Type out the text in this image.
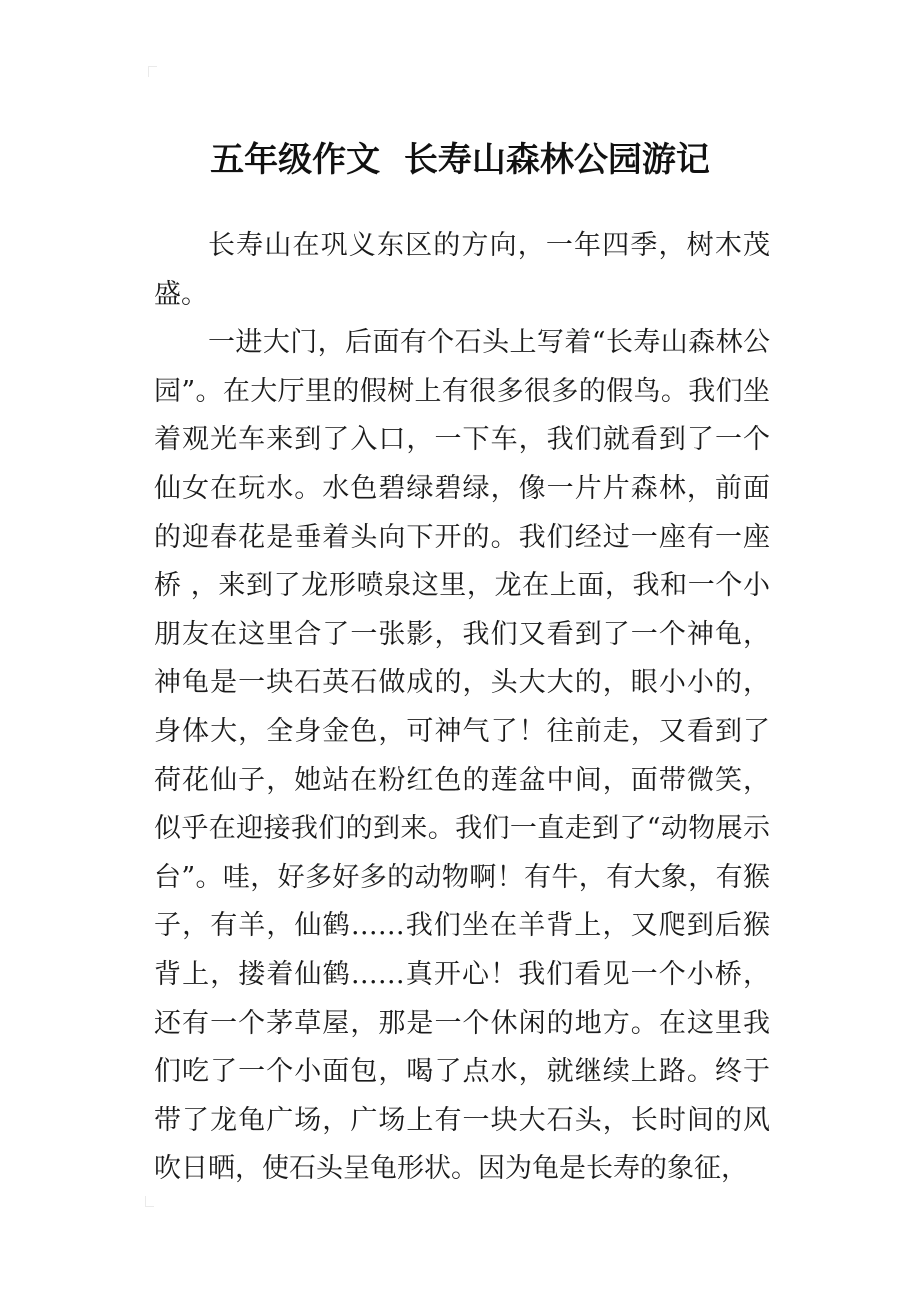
五年级作文  长寿山森林公园游记

长寿山在巩义东区的方向，一年四季，树木茂盛。

一进大门，后面有个石头上写着“长寿山森林公园”。在大厅里的假树上有很多很多的假鸟。我们坐着观光车来到了入口，一下车，我们就看到了一个仙女在玩水。水色碧绿碧绿，像一片片森林，前面的迎春花是垂着头向下开的。我们经过一座有一座桥 ，来到了龙形喷泉这里，龙在上面，我和一个小朋友在这里合了一张影，我们又看到了一个神龟，神龟是一块石英石做成的，头大大的，眼小小的，身体大，全身金色，可神气了！往前走，又看到了荷花仙子，她站在粉红色的莲盆中间，面带微笑，似乎在迎接我们的到来。我们一直走到了“动物展示台”。哇，好多好多的动物啊！有牛，有大象，有猴子，有羊，仙鹤……我们坐在羊背上，又爬到后猴背上，搂着仙鹤……真开心！我们看见一个小桥，还有一个茅草屋，那是一个休闲的地方。在这里我们吃了一个小面包，喝了点水，就继续上路。终于带了龙龟广场，广场上有一块大石头，长时间的风吹日晒，使石头呈龟形状。因为龟是长寿的象征，
